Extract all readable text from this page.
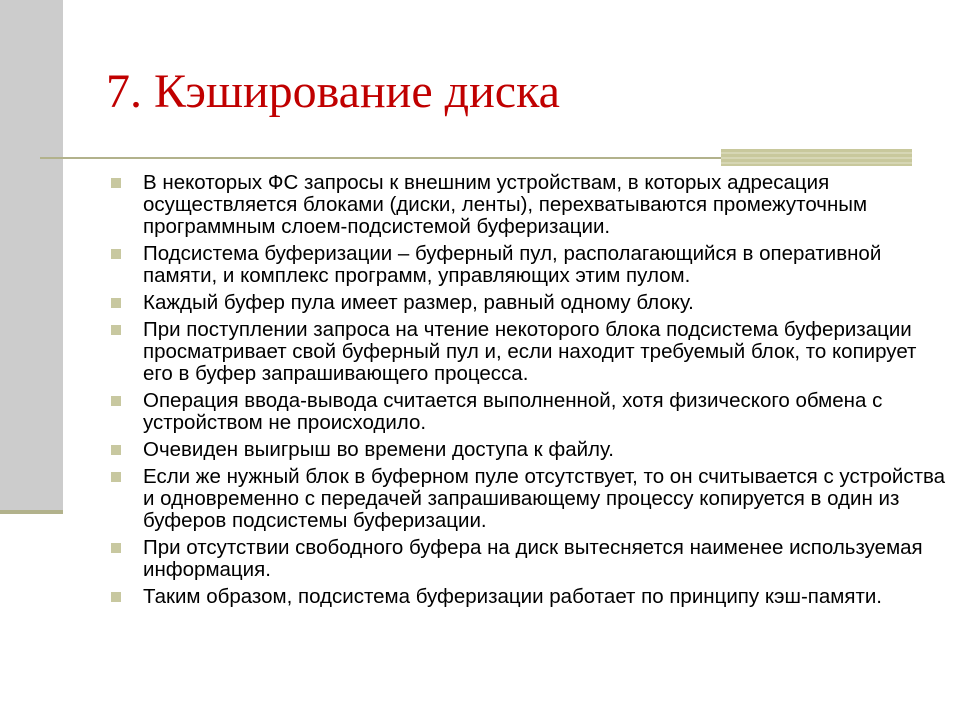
7. Кэширование диска
В некоторых ФС запросы к внешним устройствам, в которых адресация осуществляется блоками (диски, ленты), перехватываются промежуточным программным слоем-подсистемой буферизации.
Подсистема буферизации – буферный пул, располагающийся в оперативной памяти, и комплекс программ, управляющих этим пулом.
Каждый буфер пула имеет размер, равный одному блоку.
При поступлении запроса на чтение некоторого блока подсистема буферизации просматривает свой буферный пул и, если находит требуемый блок, то копирует его в буфер запрашивающего процесса.
Операция ввода-вывода считается выполненной, хотя физического обмена с устройством не происходило.
Очевиден выигрыш во времени доступа к файлу.
Если же нужный блок в буферном пуле отсутствует, то он считывается с устройства и одновременно с передачей запрашивающему процессу копируется в один из буферов подсистемы буферизации.
При отсутствии свободного буфера на диск вытесняется наименее используемая информация.
Таким образом, подсистема буферизации работает по принципу кэш-памяти.
